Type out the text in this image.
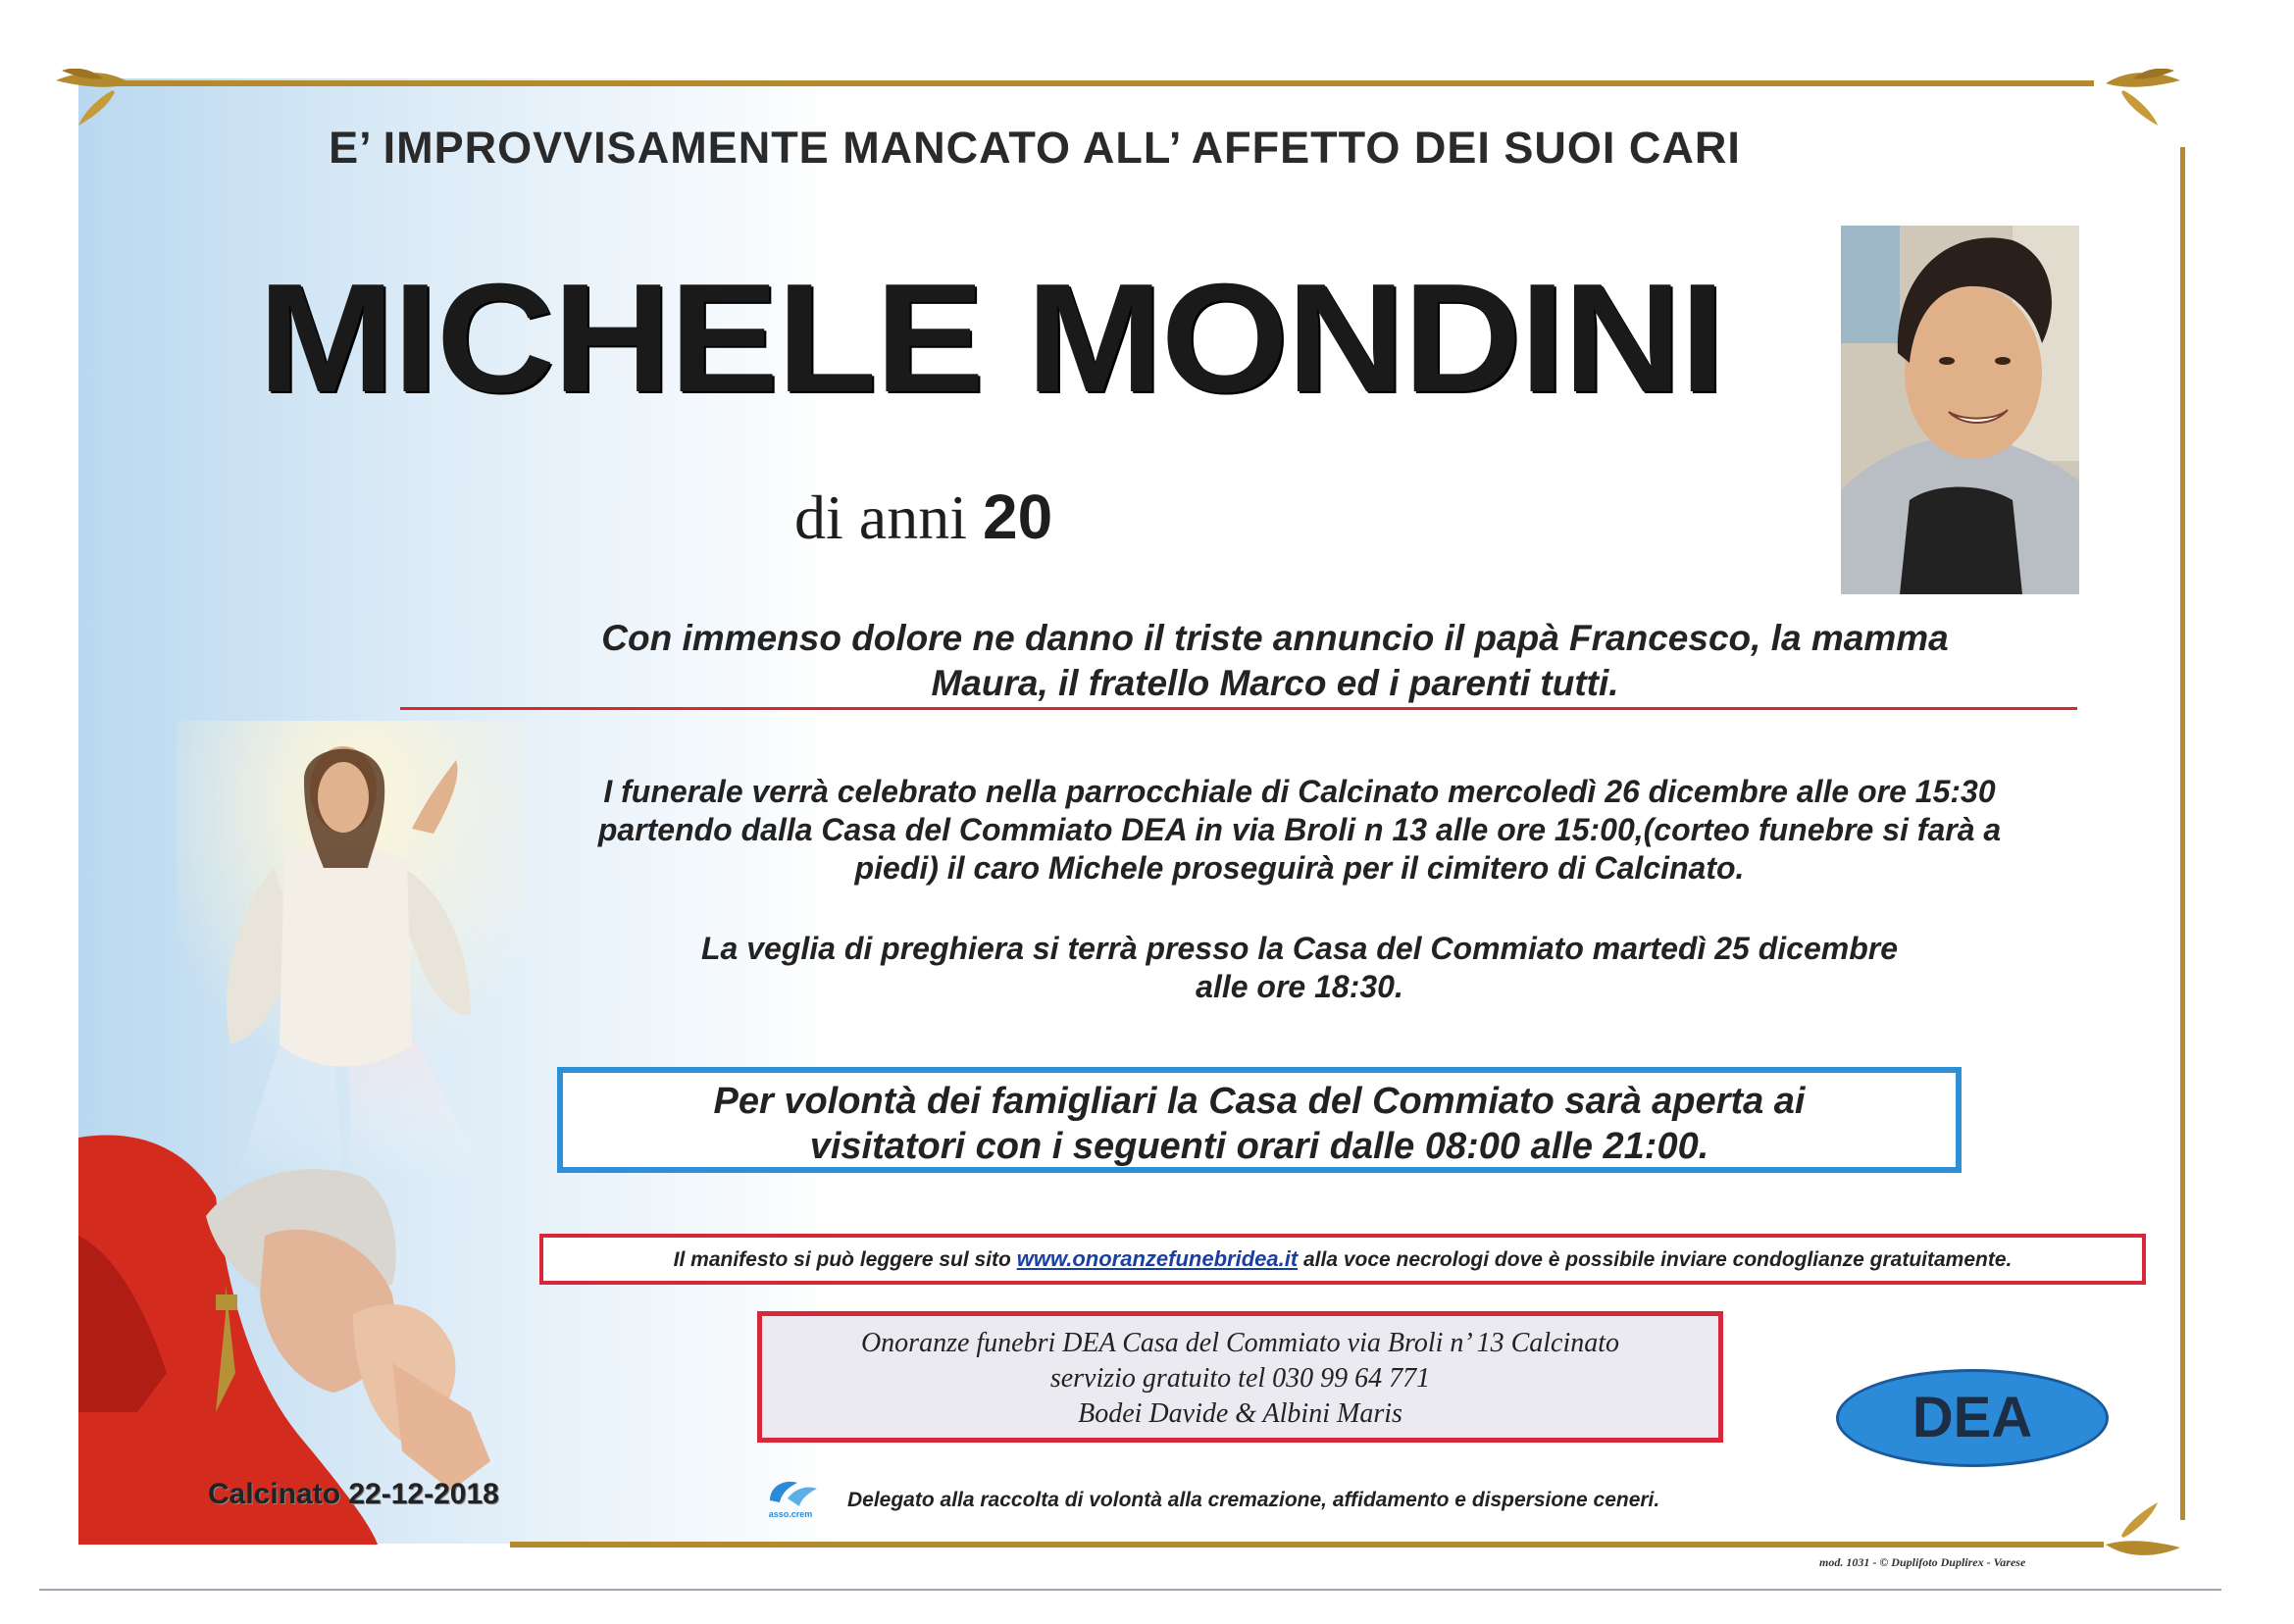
E’ IMPROVVISAMENTE MANCATO ALL’ AFFETTO DEI SUOI CARI
MICHELE MONDINI
di anni 20
Con immenso dolore ne danno il triste annuncio il papà Francesco, la mamma
Maura, il fratello Marco ed i parenti tutti.
I funerale verrà celebrato nella parrocchiale di Calcinato mercoledì 26 dicembre alle ore 15:30
partendo dalla Casa del Commiato DEA in via Broli n 13 alle ore 15:00,(corteo funebre si farà a
piedi) il caro Michele proseguirà per il cimitero di Calcinato.
La veglia di preghiera si terrà presso la Casa del Commiato martedì 25 dicembre
alle ore 18:30.
Per volontà dei famigliari la Casa del Commiato sarà aperta ai
visitatori con i seguenti orari dalle 08:00 alle 21:00.
Il manifesto si può leggere sul sito www.onoranzefunebridea.it alla voce necrologi dove è possibile inviare condoglianze gratuitamente.
Onoranze funebri DEA Casa del Commiato via Broli n’ 13 Calcinato
servizio gratuito tel 030 99 64 771
Bodei Davide & Albini Maris	DEA
Calcinato 22-12-2018
asso.crem
Delegato alla raccolta di volontà alla cremazione, affidamento e dispersione ceneri.
mod. 1031 - © Duplifoto Duplirex - Varese
